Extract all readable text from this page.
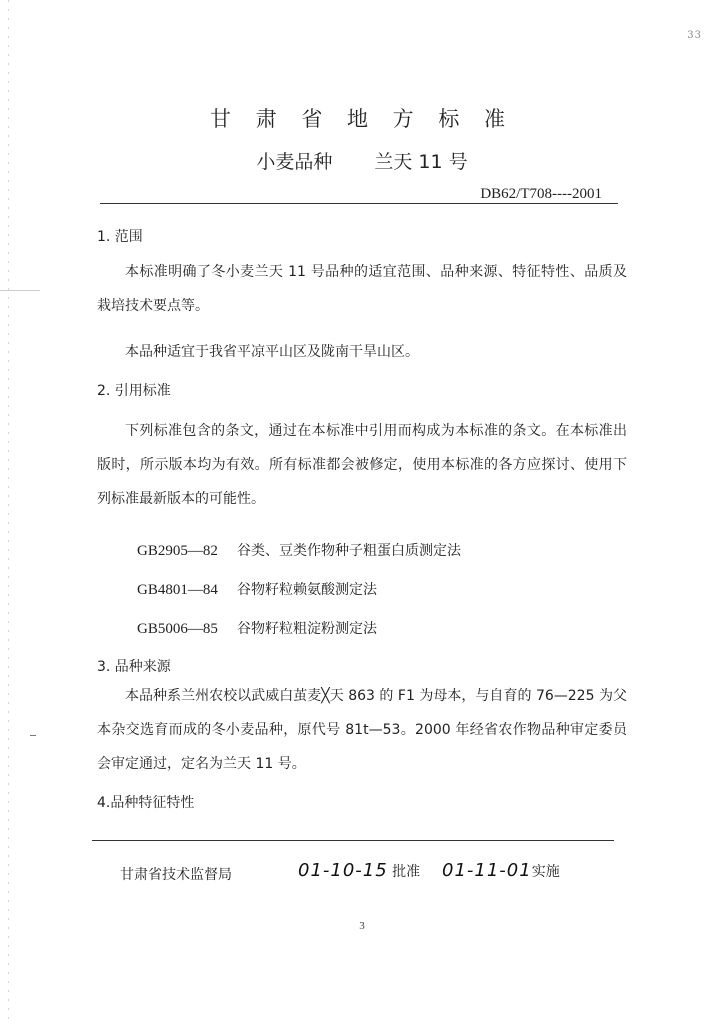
33
甘 肃 省 地 方 标 准
小麦品种 兰天 11 号
DB62/T708----2001
1. 范围
本标准明确了冬小麦兰天 11 号品种的适宜范围、品种来源、特征特性、品质及栽培技术要点等。
本品种适宜于我省平凉平山区及陇南干旱山区。
2. 引用标准
下列标准包含的条文，通过在本标准中引用而构成为本标准的条文。在本标准出版时，所示版本均为有效。所有标准都会被修定，使用本标准的各方应探讨、使用下列标准最新版本的可能性。
GB2905—82 谷类、豆类作物种子粗蛋白质测定法
GB4801—84 谷物籽粒赖氨酸测定法
GB5006—85 谷物籽粒粗淀粉测定法
3. 品种来源
本品种系兰州农校以武威白茧麦╳天 863 的 F1 为母本，与自育的 76—225 为父本杂交选育而成的冬小麦品种，原代号 81t—53。2000 年经省农作物品种审定委员会审定通过，定名为兰天 11 号。
4.品种特征特性
甘肃省技术监督局	01-10-15 批准 01-11-01实施
3
